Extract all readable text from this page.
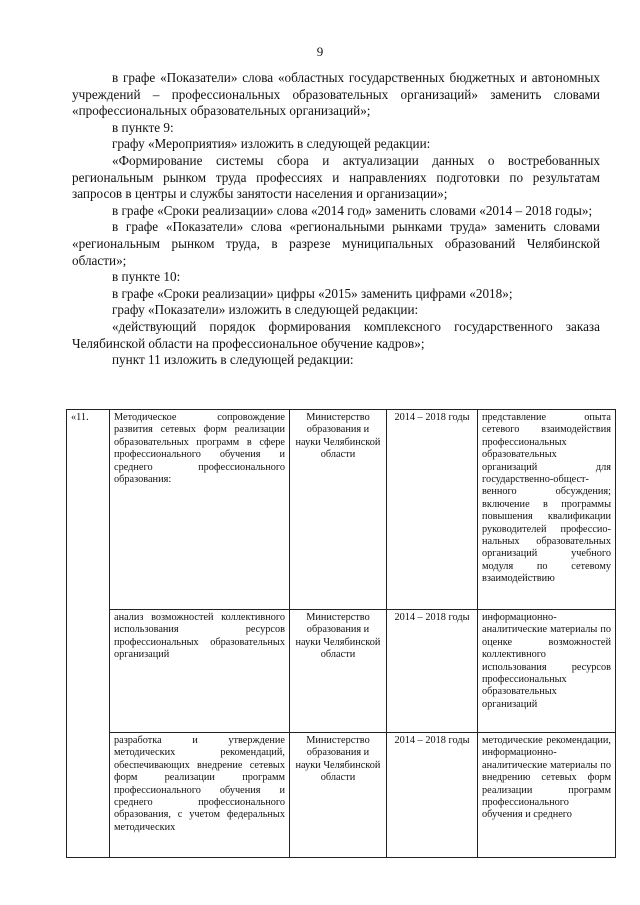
9

в графе «Показатели» слова «областных государственных бюджетных и автономных учреждений – профессиональных образовательных организаций» заменить словами «профессиональных образовательных организаций»;

в пункте 9:

графу «Мероприятия» изложить в следующей редакции:

«Формирование системы сбора и актуализации данных о востребованных региональным рынком труда профессиях и направлениях подготовки по результатам запросов в центры и службы занятости населения и организации»;

в графе «Сроки реализации» слова «2014 год» заменить словами «2014 – 2018 годы»;

в графе «Показатели» слова «региональными рынками труда» заменить словами «региональным рынком труда, в разрезе муниципальных образований Челябинской области»;

в пункте 10:

в графе «Сроки реализации» цифры «2015» заменить цифрами «2018»;

графу «Показатели» изложить в следующей редакции:

«действующий порядок формирования комплексного государственного заказа Челябинской области на профессиональное обучение кадров»;

пункт 11 изложить в следующей редакции:

«11.	Методическое сопровождение развития сетевых форм реализации образовательных программ в сфере профессионального обучения и среднего профессионального образования:	Министерство образования и науки Челябинской области	2014 – 2018 годы	представление опыта сетевого взаимодействия профессиональных образовательных организаций для государственно-общест-венного обсуждения; включение в программы повышения квалификации руководителей профессио-нальных образовательных организаций учебного модуля по сетевому взаимодействию
	анализ возможностей коллективного использования ресурсов профессиональных образовательных организаций	Министерство образования и науки Челябинской области	2014 – 2018 годы	информационно-аналитические материалы по оценке возможностей коллективного использования ресурсов профессиональных образовательных организаций
	разработка и утверждение методических рекомендаций, обеспечивающих внедрение сетевых форм реализации программ профессионального обучения и среднего профессионального образования, с учетом федеральных методических	Министерство образования и науки Челябинской области	2014 – 2018 годы	методические рекомендации, информационно-аналитические материалы по внедрению сетевых форм реализации программ профессионального обучения и среднего
